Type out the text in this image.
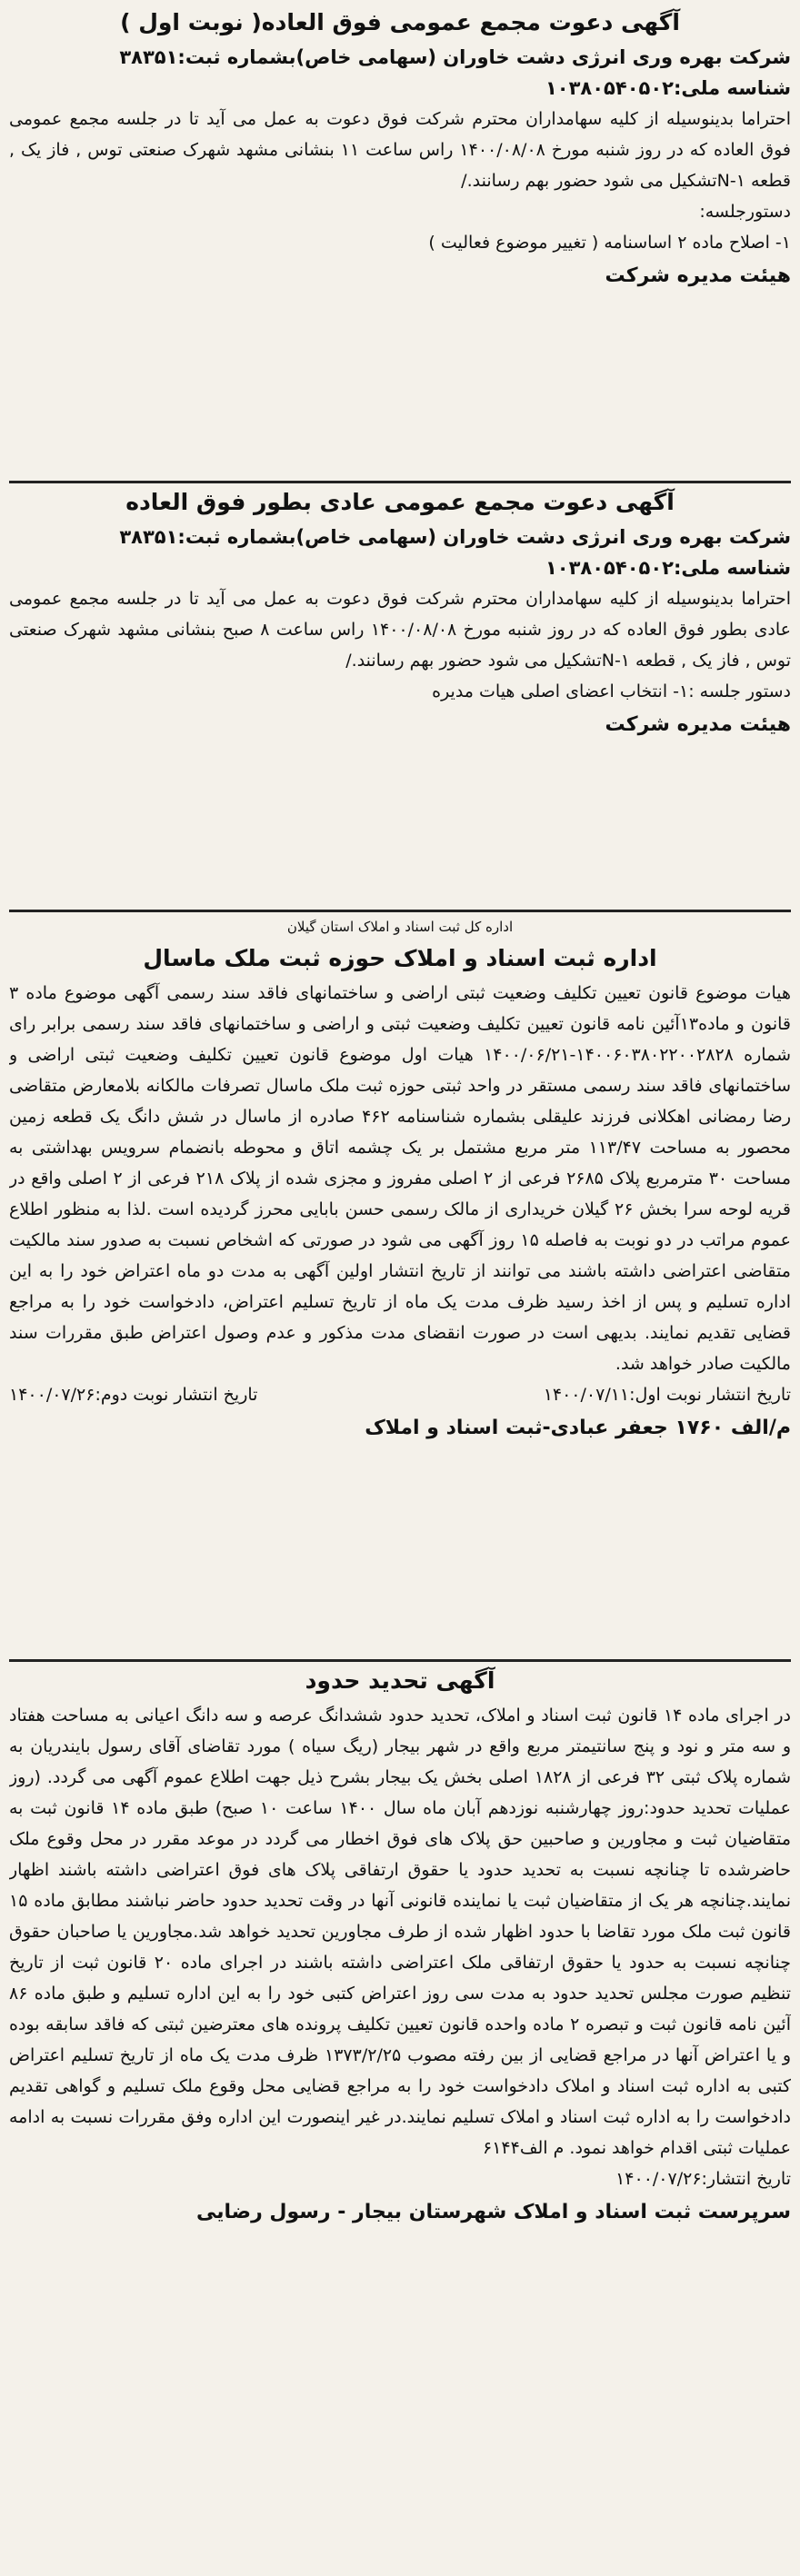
آگهی دعوت مجمع عمومی فوق العاده( نوبت اول )

شرکت بهره وری انرژی دشت خاوران (سهامی خاص)بشماره ثبت:۳۸۳۵۱

شناسه ملی:۱۰۳۸۰۵۴۰۵۰۲

احتراما بدینوسیله از کلیه سهامداران محترم شرکت فوق دعوت به عمل می آید تا در جلسه مجمع عمومی فوق العاده که در روز شنبه مورخ ۱۴۰۰/۰۸/۰۸ راس ساعت ۱۱ بنشانی مشهد شهرک صنعتی توس , فاز یک , قطعه N-۱تشکیل می شود حضور بهم رسانند./

دستورجلسه:

۱- اصلاح ماده ۲ اساسنامه ( تغییر موضوع فعالیت )

هیئت مدیره شرکت

آگهی دعوت مجمع عمومی عادی بطور فوق العاده

شرکت بهره وری انرژی دشت خاوران (سهامی خاص)بشماره ثبت:۳۸۳۵۱

شناسه ملی:۱۰۳۸۰۵۴۰۵۰۲

احتراما بدینوسیله از کلیه سهامداران محترم شرکت فوق دعوت به عمل می آید تا در جلسه مجمع عمومی عادی بطور فوق العاده که در روز شنبه مورخ ۱۴۰۰/۰۸/۰۸ راس ساعت ۸ صبح بنشانی مشهد شهرک صنعتی توس , فاز یک , قطعه N-۱تشکیل می شود حضور بهم رسانند./

دستور جلسه :۱- انتخاب اعضای اصلی هیات مدیره

هیئت مدیره شرکت

اداره کل ثبت اسناد و املاک استان گیلان

اداره ثبت اسناد و املاک حوزه ثبت ملک ماسال

هیات موضوع قانون تعیین تکلیف وضعیت ثبتی اراضی و ساختمانهای فاقد سند رسمی آگهی موضوع ماده ۳ قانون و ماده۱۳آئین نامه قانون تعیین تکلیف وضعیت ثبتی و اراضی و ساختمانهای فاقد سند رسمی برابر رای شماره ۱۴۰۰۶۰۳۸۰۲۲۰۰۲۸۲۸-۱۴۰۰/۰۶/۲۱ هیات اول موضوع قانون تعیین تکلیف وضعیت ثبتی اراضی و ساختمانهای فاقد سند رسمی مستقر در واحد ثبتی حوزه ثبت ملک ماسال تصرفات مالکانه بلامعارض متقاضی رضا رمضانی اهکلانی فرزند علیقلی بشماره شناسنامه ۴۶۲ صادره از ماسال در شش دانگ یک قطعه زمین محصور به مساحت ۱۱۳/۴۷ متر مربع مشتمل بر یک چشمه اتاق و محوطه بانضمام سرویس بهداشتی به مساحت ۳۰ مترمربع پلاک ۲۶۸۵ فرعی از ۲ اصلی مفروز و مجزی شده از پلاک ۲۱۸ فرعی از ۲ اصلی واقع در قریه لوحه سرا بخش ۲۶ گیلان خریداری از مالک رسمی حسن بابایی محرز گردیده است .لذا به منظور اطلاع عموم مراتب در دو نوبت به فاصله ۱۵ روز آگهی می شود در صورتی که اشخاص نسبت به صدور سند مالکیت متقاضی اعتراضی داشته باشند می توانند از تاریخ انتشار اولین آگهی به مدت دو ماه اعتراض خود را به این اداره تسلیم و پس از اخذ رسید ظرف مدت یک ماه از تاریخ تسلیم اعتراض، دادخواست خود را به مراجع قضایی تقدیم نمایند. بدیهی است در صورت انقضای مدت مذکور و عدم وصول اعتراض طبق مقررات سند مالکیت صادر خواهد شد.

تاریخ انتشار نوبت اول:۱۴۰۰/۰۷/۱۱
تاریخ انتشار نوبت دوم:۱۴۰۰/۰۷/۲۶

م/الف ۱۷۶۰ جعفر عبادی-ثبت اسناد و املاک

آگهی تحدید حدود

در اجرای ماده ۱۴ قانون ثبت اسناد و املاک، تحدید حدود ششدانگ عرصه و سه دانگ اعیانی به مساحت هفتاد و سه متر و نود و پنج سانتیمتر مربع واقع در شهر بیجار (ریگ سیاه ) مورد تقاضای آقای رسول بایندریان به شماره پلاک ثبتی ۳۲ فرعی از ۱۸۲۸ اصلی بخش یک بیجار بشرح ذیل جهت اطلاع عموم آگهی می گردد. (روز عملیات تحدید حدود:روز چهارشنبه نوزدهم آبان ماه سال ۱۴۰۰ ساعت ۱۰ صبح) طبق ماده ۱۴ قانون ثبت به متقاضیان ثبت و مجاورین و صاحبین حق پلاک های فوق اخطار می گردد در موعد مقرر در محل وقوع ملک حاضرشده تا چنانچه نسبت به تحدید حدود یا حقوق ارتفاقی پلاک های فوق اعتراضی داشته باشند اظهار نمایند.چنانچه هر یک از متقاضیان ثبت یا نماینده قانونی آنها در وقت تحدید حدود حاضر نباشند مطابق ماده ۱۵ قانون ثبت ملک مورد تقاضا با حدود اظهار شده از طرف مجاورین تحدید خواهد شد.مجاورین یا صاحبان حقوق چنانچه نسبت به حدود یا حقوق ارتفاقی ملک اعتراضی داشته باشند در اجرای ماده ۲۰ قانون ثبت از تاریخ تنظیم صورت مجلس تحدید حدود به مدت سی روز اعتراض کتبی خود را به این اداره تسلیم و طبق ماده ۸۶ آئین نامه قانون ثبت و تبصره ۲ ماده واحده قانون تعیین تکلیف پرونده های معترضین ثبتی که فاقد سابقه بوده و یا اعتراض آنها در مراجع قضایی از بین رفته مصوب ۱۳۷۳/۲/۲۵ ظرف مدت یک ماه از تاریخ تسلیم اعتراض کتبی به اداره ثبت اسناد و املاک دادخواست خود را به مراجع قضایی محل وقوع ملک تسلیم و گواهی تقدیم دادخواست را به اداره ثبت اسناد و املاک تسلیم نمایند.در غیر اینصورت این اداره وفق مقررات نسبت به ادامه عملیات ثبتی اقدام خواهد نمود. م الف۶۱۴۴

تاریخ انتشار:۱۴۰۰/۰۷/۲۶

سرپرست ثبت اسناد و املاک شهرستان بیجار - رسول رضایی
